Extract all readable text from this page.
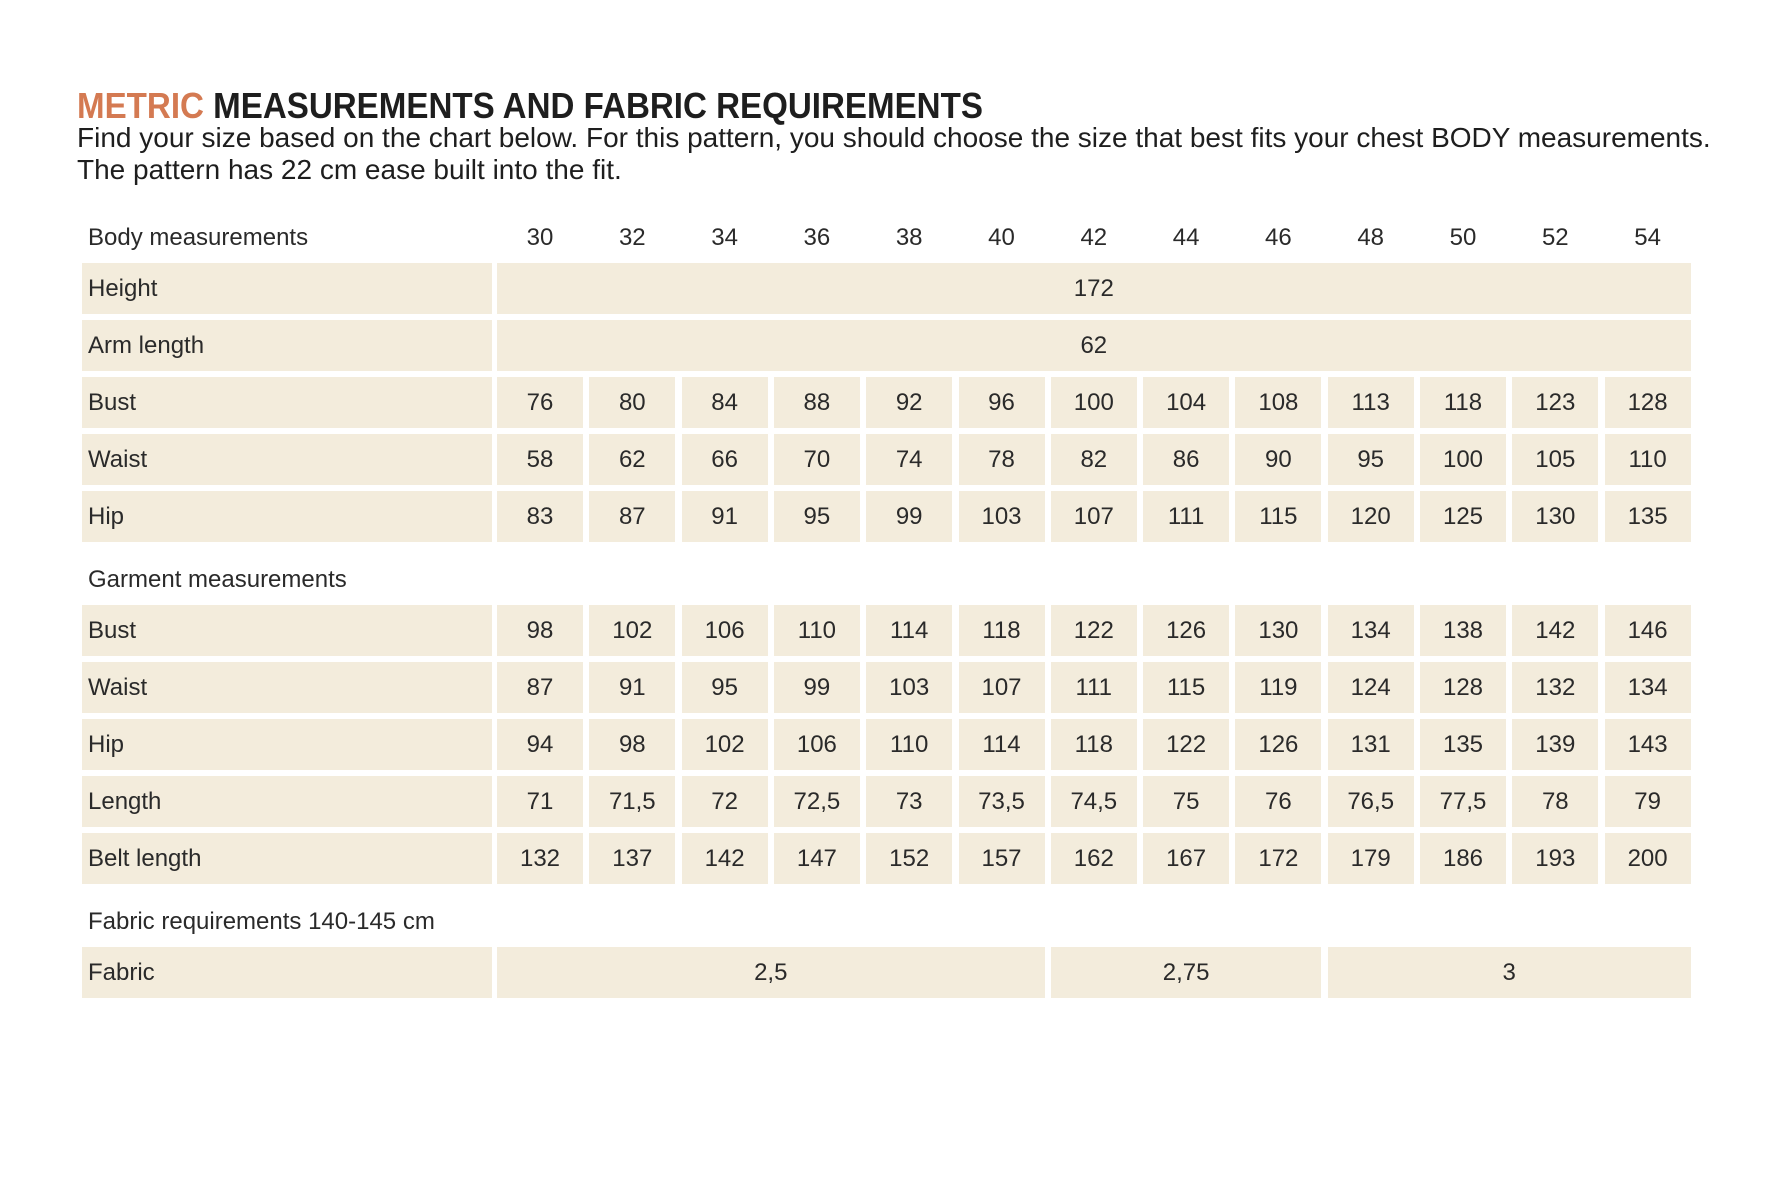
METRIC MEASUREMENTS AND FABRIC REQUIREMENTS
Find your size based on the chart below. For this pattern, you should choose the size that best fits your chest BODY measurements. The pattern has 22 cm ease built into the fit.
Body measurements	30	32	34	36	38	40	42	44	46	48	50	52	54
Height	172
Arm length	62
Bust	76	80	84	88	92	96	100	104	108	113	118	123	128
Waist	58	62	66	70	74	78	82	86	90	95	100	105	110
Hip	83	87	91	95	99	103	107	111	115	120	125	130	135
Garment measurements
Bust	98	102	106	110	114	118	122	126	130	134	138	142	146
Waist	87	91	95	99	103	107	111	115	119	124	128	132	134
Hip	94	98	102	106	110	114	118	122	126	131	135	139	143
Length	71	71,5	72	72,5	73	73,5	74,5	75	76	76,5	77,5	78	79
Belt length	132	137	142	147	152	157	162	167	172	179	186	193	200
Fabric requirements 140-145 cm
Fabric	2,5	2,75	3
